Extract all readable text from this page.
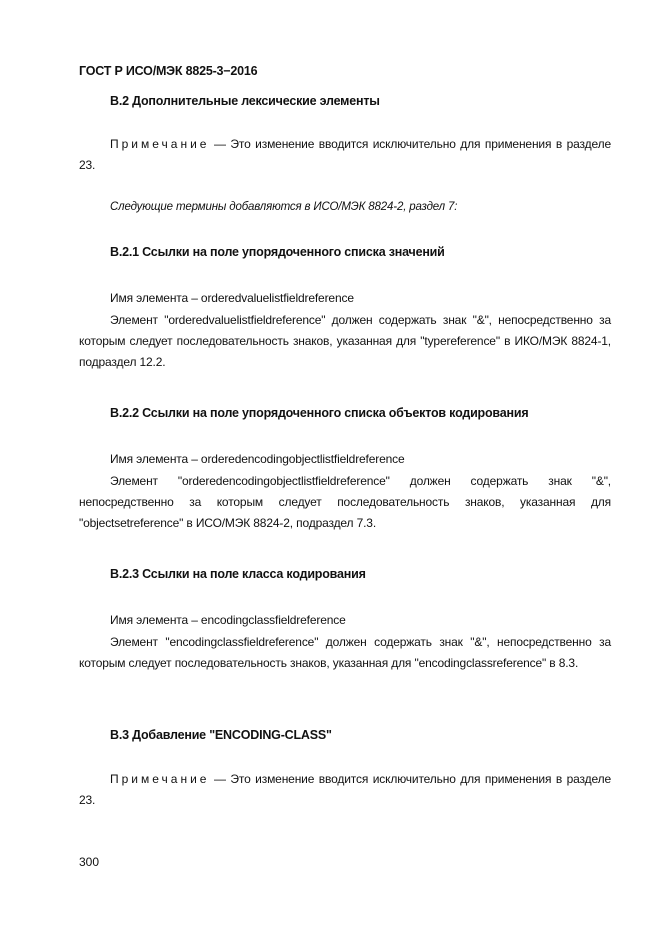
ГОСТ Р ИСО/МЭК 8825-3−2016
B.2 Дополнительные лексические элементы
Примечание — Это изменение вводится исключительно для применения в разделе 23.
Следующие термины добавляются в ИСО/МЭК 8824-2, раздел 7:
B.2.1 Ссылки на поле упорядоченного списка значений
Имя элемента – orderedvaluelistfieldreference
Элемент "orderedvaluelistfieldreference" должен содержать знак "&", непосредственно за которым следует последовательность знаков, указанная для "typereference" в ИКО/МЭК 8824-1, подраздел 12.2.
B.2.2 Ссылки на поле упорядоченного списка объектов кодирования
Имя элемента – orderedencodingobjectlistfieldreference
Элемент "orderedencodingobjectlistfieldreference" должен содержать знак "&", непосредственно за которым следует последовательность знаков, указанная для "objectsetreference" в ИСО/МЭК 8824-2, подраздел 7.3.
B.2.3 Ссылки на поле класса кодирования
Имя элемента – encodingclassfieldreference
Элемент "encodingclassfieldreference" должен содержать знак "&", непосредственно за которым следует последовательность знаков, указанная для "encodingclassreference" в 8.3.
B.3 Добавление "ENCODING-CLASS"
Примечание — Это изменение вводится исключительно для применения в разделе 23.
300
